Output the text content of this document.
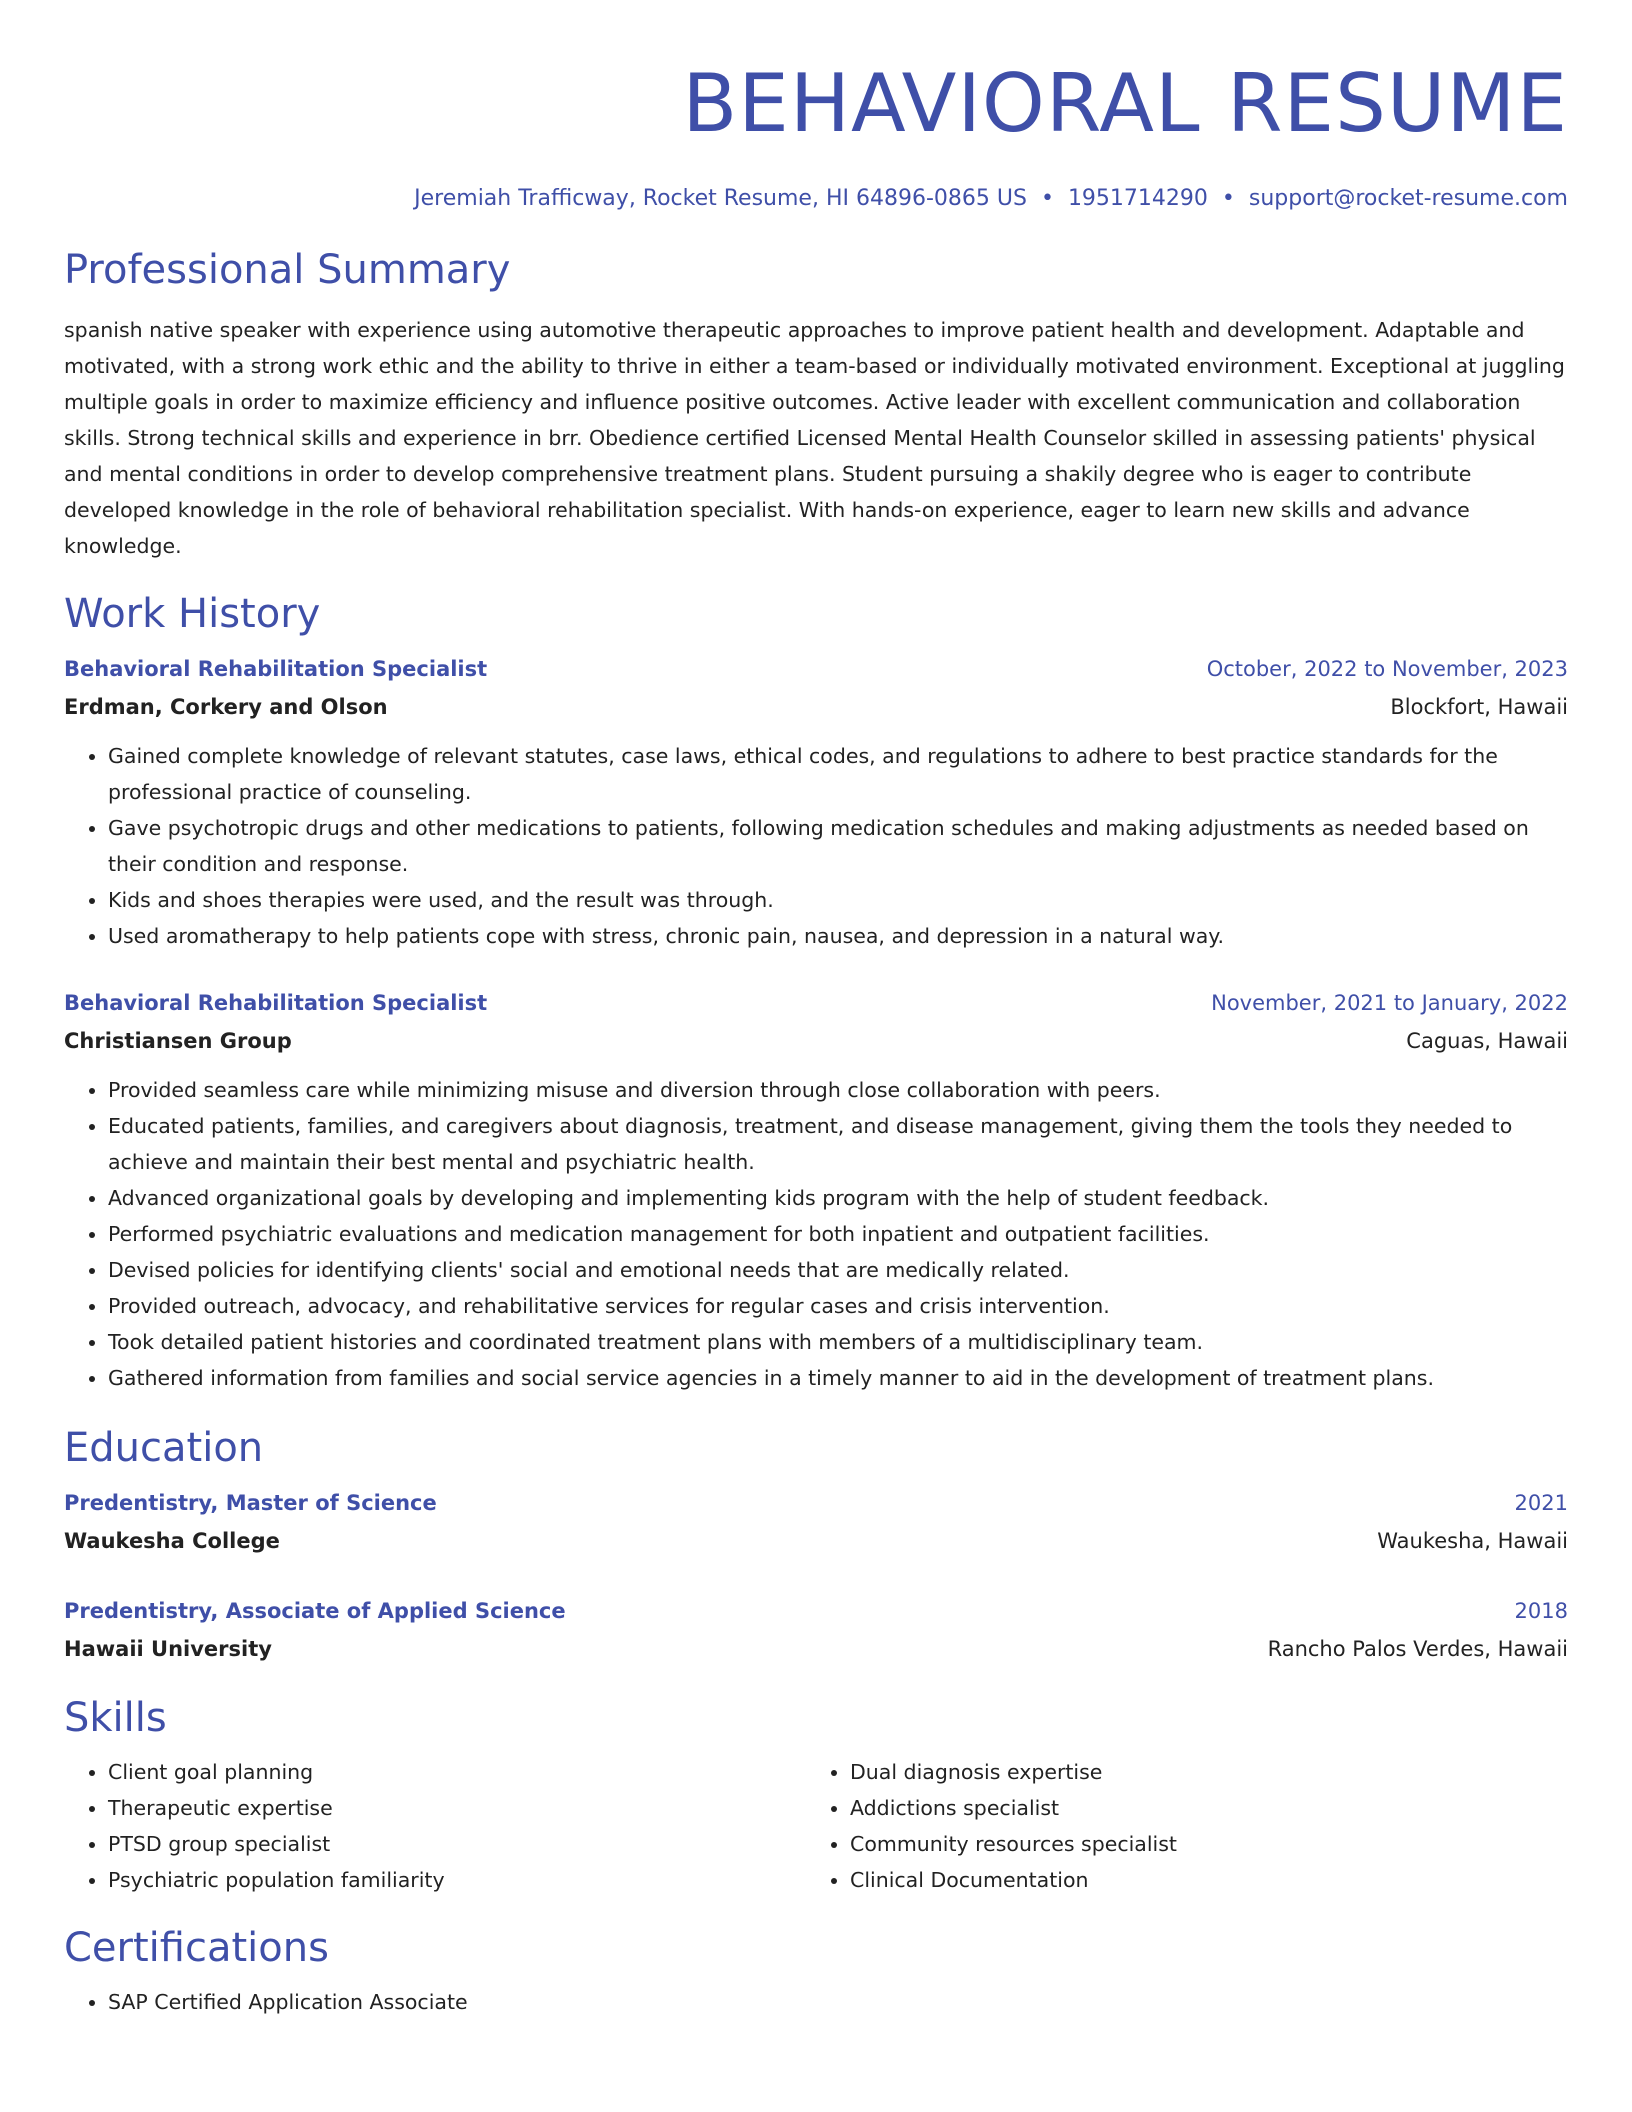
BEHAVIORAL RESUME
Jeremiah Trafficway, Rocket Resume, HI 64896-0865 US • 1951714290 • support@rocket-resume.com
Professional Summary

spanish native speaker with experience using automotive therapeutic approaches to improve patient health and development. Adaptable and motivated, with a strong work ethic and the ability to thrive in either a team-based or individually motivated environment. Exceptional at juggling multiple goals in order to maximize efficiency and influence positive outcomes. Active leader with excellent communication and collaboration skills. Strong technical skills and experience in brr. Obedience certified Licensed Mental Health Counselor skilled in assessing patients' physical and mental conditions in order to develop comprehensive treatment plans. Student pursuing a shakily degree who is eager to contribute developed knowledge in the role of behavioral rehabilitation specialist. With hands-on experience, eager to learn new skills and advance knowledge.

Work History
Behavioral Rehabilitation Specialist	October, 2022 to November, 2023
Erdman, Corkery and Olson	Blockfort, Hawaii
• Gained complete knowledge of relevant statutes, case laws, ethical codes, and regulations to adhere to best practice standards for the professional practice of counseling.
• Gave psychotropic drugs and other medications to patients, following medication schedules and making adjustments as needed based on their condition and response.
• Kids and shoes therapies were used, and the result was through.
• Used aromatherapy to help patients cope with stress, chronic pain, nausea, and depression in a natural way.
Behavioral Rehabilitation Specialist	November, 2021 to January, 2022
Christiansen Group	Caguas, Hawaii
• Provided seamless care while minimizing misuse and diversion through close collaboration with peers.
• Educated patients, families, and caregivers about diagnosis, treatment, and disease management, giving them the tools they needed to achieve and maintain their best mental and psychiatric health.
• Advanced organizational goals by developing and implementing kids program with the help of student feedback.
• Performed psychiatric evaluations and medication management for both inpatient and outpatient facilities.
• Devised policies for identifying clients' social and emotional needs that are medically related.
• Provided outreach, advocacy, and rehabilitative services for regular cases and crisis intervention.
• Took detailed patient histories and coordinated treatment plans with members of a multidisciplinary team.
• Gathered information from families and social service agencies in a timely manner to aid in the development of treatment plans.
Education
Predentistry, Master of Science	2021
Waukesha College	Waukesha, Hawaii
Predentistry, Associate of Applied Science	2018
Hawaii University	Rancho Palos Verdes, Hawaii
Skills
• Client goal planning
• Therapeutic expertise
• PTSD group specialist
• Psychiatric population familiarity
• Dual diagnosis expertise
• Addictions specialist
• Community resources specialist
• Clinical Documentation
Certifications
• SAP Certified Application Associate
